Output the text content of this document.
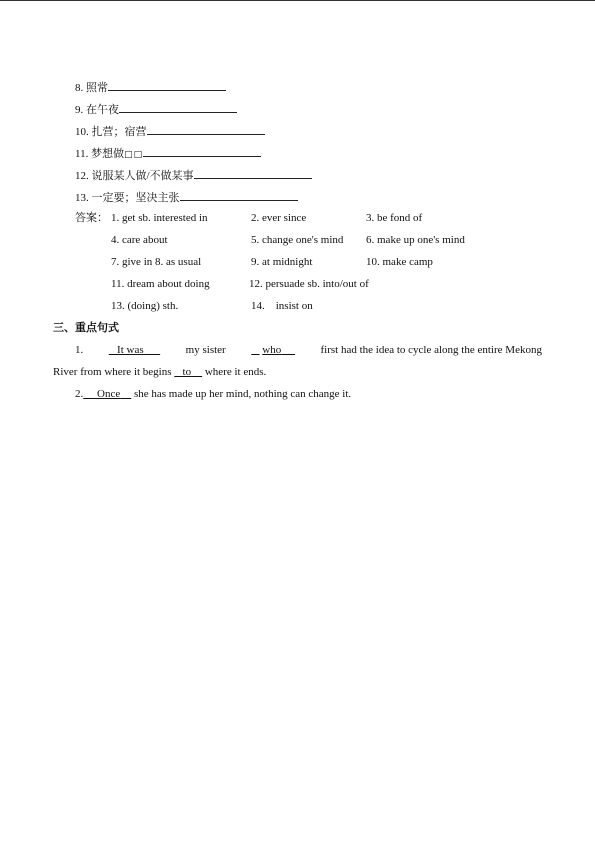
8. 照常
9. 在午夜
10. 扎营；宿营
11. 梦想做□□
12. 说服某人做/不做某事
13. 一定要；坚决主张
答案： 1. get sb. interested in	2. ever since	3. be fond of
4. care about	5. change one's mind 6. make up one's mind
7. give in 8. as usual	9. at midnight	10. make camp
11. dream about doing	12. persuade sb. into/out of
13. (doing) sth.	14.    insist on
三、重点句式
1.	It was	my sister	who	first had the idea to cycle along the entire Mekong
River from where it begins to where it ends.
2. Once she has made up her mind, nothing can change it.
